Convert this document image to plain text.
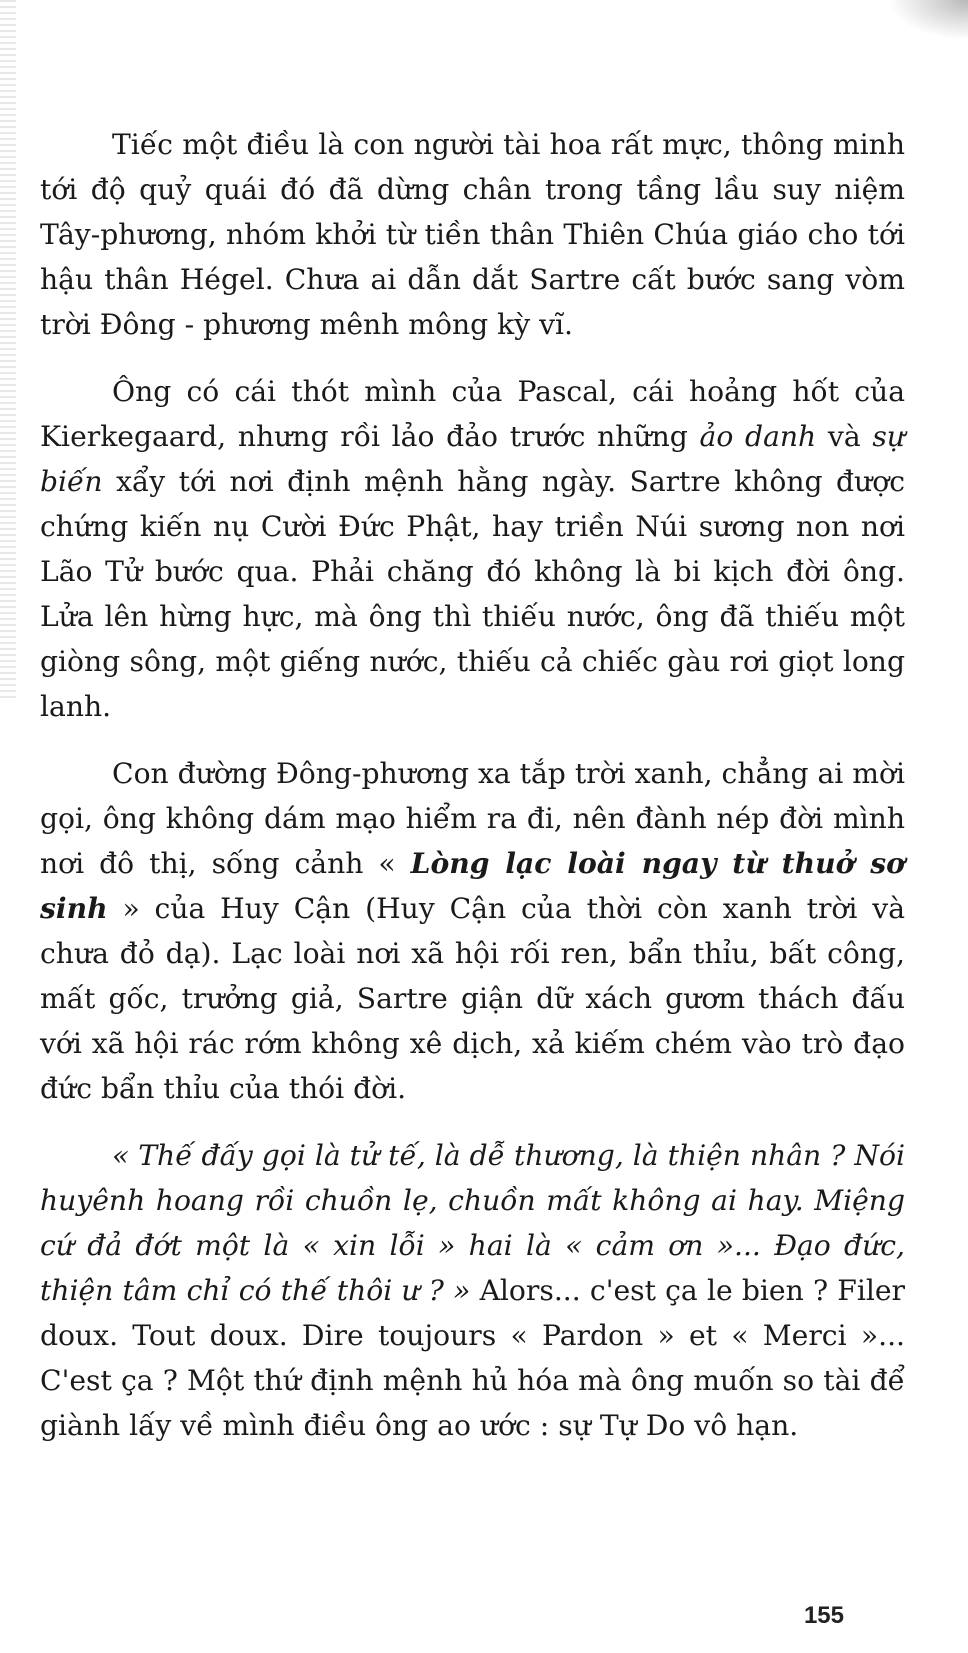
Tiếc một điều là con người tài hoa rất mực, thông minh tới độ quỷ quái đó đã dừng chân trong tầng lầu suy niệm Tây-phương, nhóm khởi từ tiền thân Thiên Chúa giáo cho tới hậu thân Hégel. Chưa ai dẫn dắt Sartre cất bước sang vòm trời Đông - phương mênh mông kỳ vĩ.

Ông có cái thót mình của Pascal, cái hoảng hốt của Kierkegaard, nhưng rồi lảo đảo trước những ảo danh và sự biến xẩy tới nơi định mệnh hằng ngày. Sartre không được chứng kiến nụ Cười Đức Phật, hay triền Núi sương non nơi Lão Tử bước qua. Phải chăng đó không là bi kịch đời ông. Lửa lên hừng hực, mà ông thì thiếu nước, ông đã thiếu một giòng sông, một giếng nước, thiếu cả chiếc gàu rơi giọt long lanh.

Con đường Đông-phương xa tắp trời xanh, chẳng ai mời gọi, ông không dám mạo hiểm ra đi, nên đành nép đời mình nơi đô thị, sống cảnh « Lòng lạc loài ngay từ thuở sơ sinh » của Huy Cận (Huy Cận của thời còn xanh trời và chưa đỏ dạ). Lạc loài nơi xã hội rối ren, bẩn thỉu, bất công, mất gốc, trưởng giả, Sartre giận dữ xách gươm thách đấu với xã hội rác rớm không xê dịch, xả kiếm chém vào trò đạo đức bẩn thỉu của thói đời.

« Thế đấy gọi là tử tế, là dễ thương, là thiện nhân ? Nói huyênh hoang rồi chuồn lẹ, chuồn mất không ai hay. Miệng cứ đả đớt một là « xin lỗi » hai là « cảm ơn »... Đạo đức, thiện tâm chỉ có thế thôi ư ? » Alors... c'est ça le bien ? Filer doux. Tout doux. Dire toujours « Pardon » et « Merci »... C'est ça ? Một thứ định mệnh hủ hóa mà ông muốn so tài để giành lấy về mình điều ông ao ước : sự Tự Do vô hạn.

155
